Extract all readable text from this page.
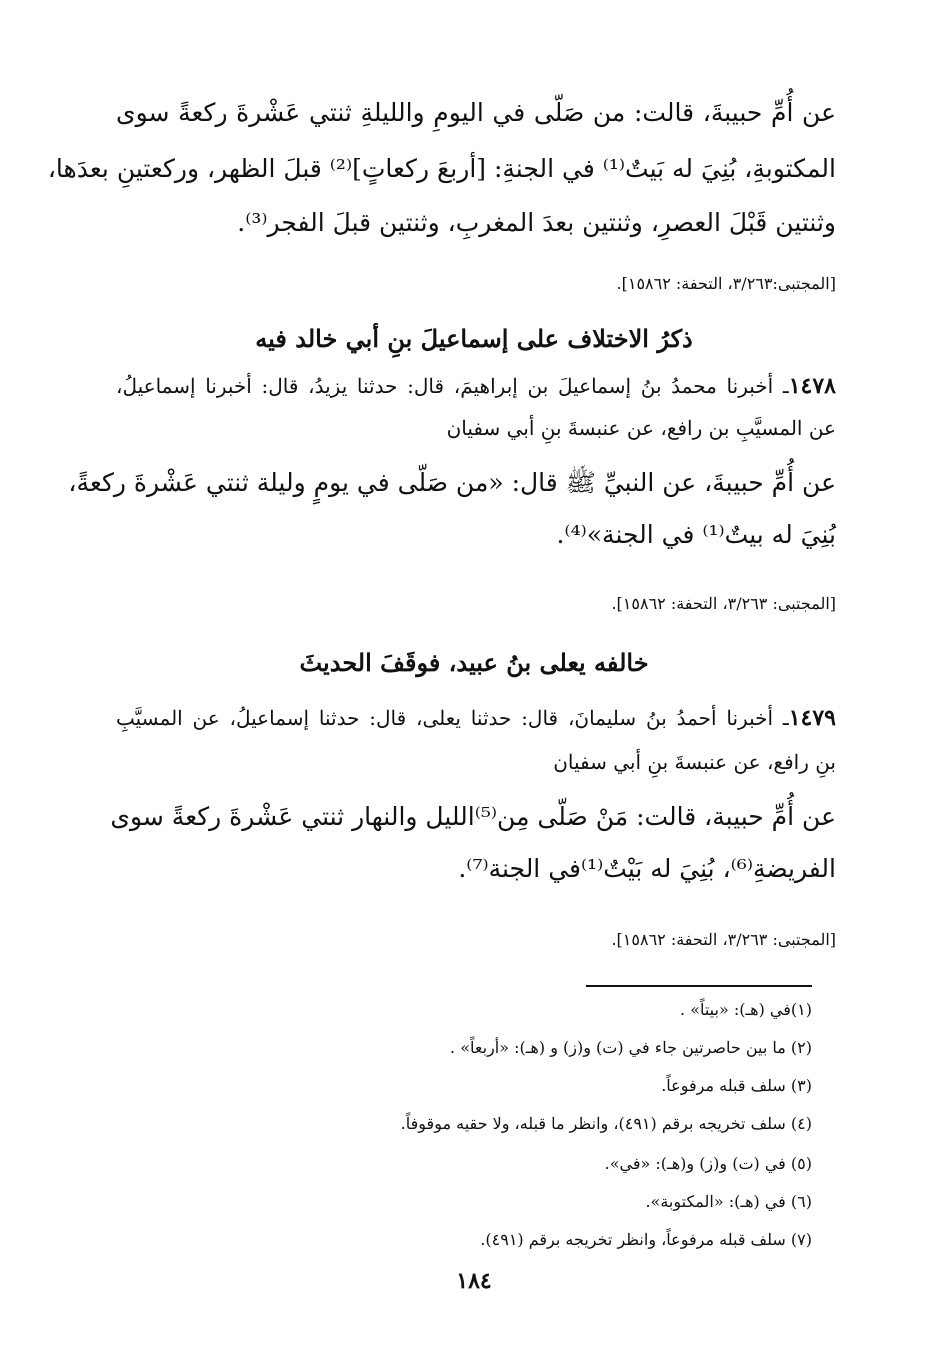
عن أُمِّ حبيبةَ، قالت: من صَلّى في اليومِ والليلةِ ثنتي عَشْرةَ ركعةً سوى
المكتوبةِ، بُنِيَ له بَيتٌ⁽¹⁾ في الجنةِ: [أربعَ ركعاتٍ]⁽²⁾ قبلَ الظهر، وركعتينِ بعدَها،
وثنتين قَبْلَ العصرِ، وثنتين بعدَ المغربِ، وثنتين قبلَ الفجر⁽³⁾.
[المجتبى:٣/٢٦٣، التحفة: ١٥٨٦٢].
ذكرُ الاختلاف على إسماعيلَ بنِ أبي خالد فيه
١٤٧٨ـ أخبرنا محمدُ بنُ إسماعيلَ بن إبراهيمَ، قال: حدثنا يزيدُ، قال: أخبرنا إسماعيلُ،
عن المسيَّبِ بن رافع، عن عنبسةَ بنِ أبي سفيان
عن أُمِّ حبيبةَ، عن النبيِّ ﷺ قال: «من صَلّى في يومٍ وليلة ثنتي عَشْرةَ ركعةً،
بُنِيَ له بيتٌ⁽¹⁾ في الجنة»⁽⁴⁾.
[المجتبى: ٣/٢٦٣، التحفة: ١٥٨٦٢].
خالفه يعلى بنُ عبيد، فوقَفَ الحديثَ
١٤٧٩ـ أخبرنا أحمدُ بنُ سليمانَ، قال: حدثنا يعلى، قال: حدثنا إسماعيلُ، عن المسيَّبِ
بنِ رافع، عن عنبسةَ بنِ أبي سفيان
عن أُمِّ حبيبة، قالت: مَنْ صَلّى مِن⁽⁵⁾الليل والنهار ثنتي عَشْرةَ ركعةً سوى
الفريضةِ⁽⁶⁾، بُنِيَ له بَيْتٌ⁽¹⁾في الجنة⁽⁷⁾.
[المجتبى: ٣/٢٦٣، التحفة: ١٥٨٦٢].
(١)في (هـ): «بيتاً» .
(٢) ما بين حاصرتين جاء في (ت) و(ز) و (هـ): «أربعاً» .
(٣) سلف قبله مرفوعاً.
(٤) سلف تخريجه برقم (٤٩١)، وانظر ما قبله، ولا حقيه موقوفاً.
(٥) في (ت) و(ز) و(هـ): «في».
(٦) في (هـ): «المكتوبة».
(٧) سلف قبله مرفوعاً، وانظر تخريجه برقم (٤٩١).
١٨٤
